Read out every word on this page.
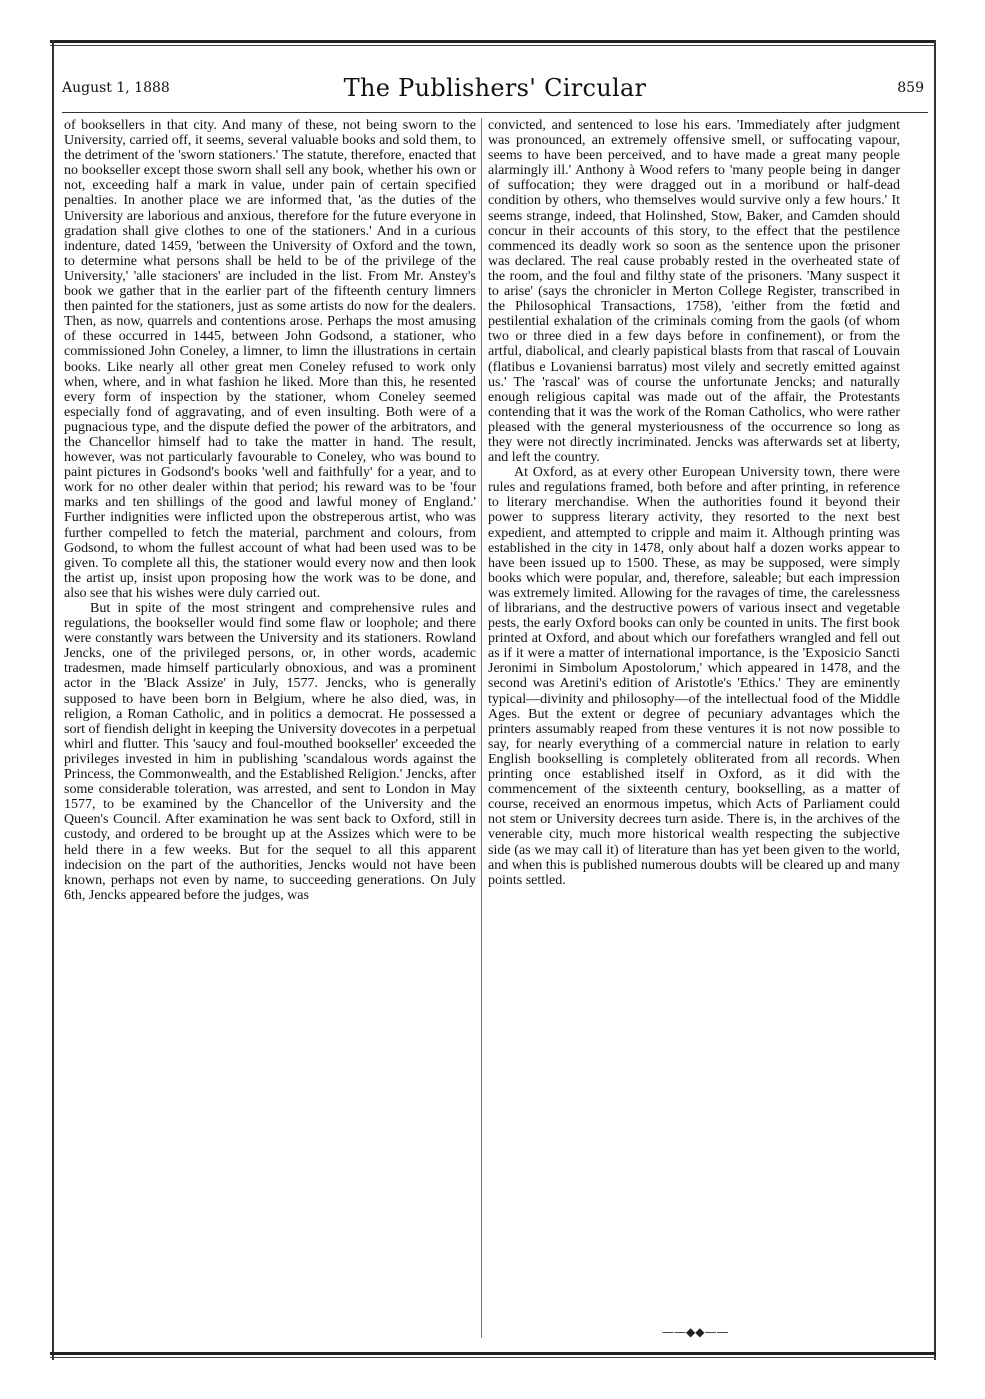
August 1, 1888	The Publishers' Circular	859

of booksellers in that city. And many of these, not being sworn to the University, carried off, it seems, several valuable books and sold them, to the detriment of the 'sworn stationers.' The statute, therefore, enacted that no bookseller except those sworn shall sell any book, whether his own or not, exceeding half a mark in value, under pain of certain specified penalties. In another place we are informed that, 'as the duties of the University are laborious and anxious, therefore for the future everyone in gradation shall give clothes to one of the stationers.' And in a curious indenture, dated 1459, 'between the University of Oxford and the town, to determine what persons shall be held to be of the privilege of the University,' 'alle stacioners' are included in the list. From Mr. Anstey's book we gather that in the earlier part of the fifteenth century limners then painted for the stationers, just as some artists do now for the dealers. Then, as now, quarrels and contentions arose. Perhaps the most amusing of these occurred in 1445, between John Godsond, a stationer, who commissioned John Coneley, a limner, to limn the illustrations in certain books. Like nearly all other great men Coneley refused to work only when, where, and in what fashion he liked. More than this, he resented every form of inspection by the stationer, whom Coneley seemed especially fond of aggravating, and of even insulting. Both were of a pugnacious type, and the dispute defied the power of the arbitrators, and the Chancellor himself had to take the matter in hand. The result, however, was not particularly favourable to Coneley, who was bound to paint pictures in Godsond's books 'well and faithfully' for a year, and to work for no other dealer within that period; his reward was to be 'four marks and ten shillings of the good and lawful money of England.' Further indignities were inflicted upon the obstreperous artist, who was further compelled to fetch the material, parchment and colours, from Godsond, to whom the fullest account of what had been used was to be given. To complete all this, the stationer would every now and then look the artist up, insist upon proposing how the work was to be done, and also see that his wishes were duly carried out.

But in spite of the most stringent and comprehensive rules and regulations, the bookseller would find some flaw or loophole; and there were constantly wars between the University and its stationers. Rowland Jencks, one of the privileged persons, or, in other words, academic tradesmen, made himself particularly obnoxious, and was a prominent actor in the 'Black Assize' in July, 1577. Jencks, who is generally supposed to have been born in Belgium, where he also died, was, in religion, a Roman Catholic, and in politics a democrat. He possessed a sort of fiendish delight in keeping the University dovecotes in a perpetual whirl and flutter. This 'saucy and foul-mouthed bookseller' exceeded the privileges invested in him in publishing 'scandalous words against the Princess, the Commonwealth, and the Established Religion.' Jencks, after some considerable toleration, was arrested, and sent to London in May 1577, to be examined by the Chancellor of the University and the Queen's Council. After examination he was sent back to Oxford, still in custody, and ordered to be brought up at the Assizes which were to be held there in a few weeks. But for the sequel to all this apparent indecision on the part of the authorities, Jencks would not have been known, perhaps not even by name, to succeeding generations. On July 6th, Jencks appeared before the judges, was

convicted, and sentenced to lose his ears. 'Immediately after judgment was pronounced, an extremely offensive smell, or suffocating vapour, seems to have been perceived, and to have made a great many people alarmingly ill.' Anthony à Wood refers to 'many people being in danger of suffocation; they were dragged out in a moribund or half-dead condition by others, who themselves would survive only a few hours.' It seems strange, indeed, that Holinshed, Stow, Baker, and Camden should concur in their accounts of this story, to the effect that the pestilence commenced its deadly work so soon as the sentence upon the prisoner was declared. The real cause probably rested in the overheated state of the room, and the foul and filthy state of the prisoners. 'Many suspect it to arise' (says the chronicler in Merton College Register, transcribed in the Philosophical Transactions, 1758), 'either from the fœtid and pestilential exhalation of the criminals coming from the gaols (of whom two or three died in a few days before in confinement), or from the artful, diabolical, and clearly papistical blasts from that rascal of Louvain (flatibus e Lovaniensi barratus) most vilely and secretly emitted against us.' The 'rascal' was of course the unfortunate Jencks; and naturally enough religious capital was made out of the affair, the Protestants contending that it was the work of the Roman Catholics, who were rather pleased with the general mysteriousness of the occurrence so long as they were not directly incriminated. Jencks was afterwards set at liberty, and left the country.

At Oxford, as at every other European University town, there were rules and regulations framed, both before and after printing, in reference to literary merchandise. When the authorities found it beyond their power to suppress literary activity, they resorted to the next best expedient, and attempted to cripple and maim it. Although printing was established in the city in 1478, only about half a dozen works appear to have been issued up to 1500. These, as may be supposed, were simply books which were popular, and, therefore, saleable; but each impression was extremely limited. Allowing for the ravages of time, the carelessness of librarians, and the destructive powers of various insect and vegetable pests, the early Oxford books can only be counted in units. The first book printed at Oxford, and about which our forefathers wrangled and fell out as if it were a matter of international importance, is the 'Exposicio Sancti Jeronimi in Simbolum Apostolorum,' which appeared in 1478, and the second was Aretini's edition of Aristotle's 'Ethics.' They are eminently typical—divinity and philosophy—of the intellectual food of the Middle Ages. But the extent or degree of pecuniary advantages which the printers assumably reaped from these ventures it is not now possible to say, for nearly everything of a commercial nature in relation to early English bookselling is completely obliterated from all records. When printing once established itself in Oxford, as it did with the commencement of the sixteenth century, bookselling, as a matter of course, received an enormous impetus, which Acts of Parliament could not stem or University decrees turn aside. There is, in the archives of the venerable city, much more historical wealth respecting the subjective side (as we may call it) of literature than has yet been given to the world, and when this is published numerous doubts will be cleared up and many points settled.

——◆◆——
